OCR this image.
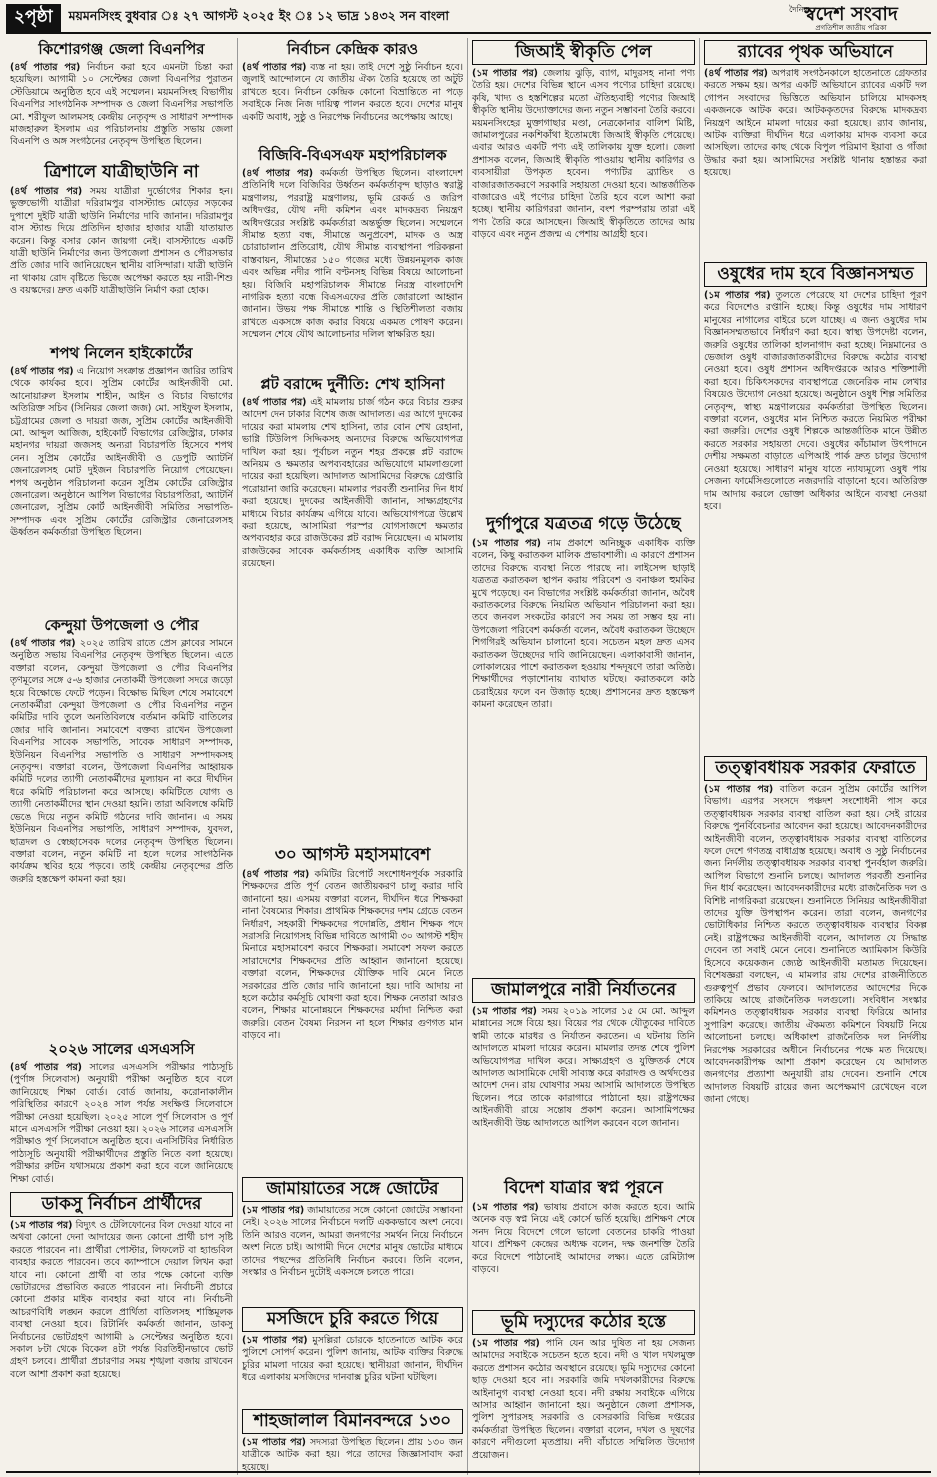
২পৃষ্ঠা	ময়মনসিংহ বুধবার ঃ ২৭ আগস্ট ২০২৫ ইং ঃ ১২ ভাদ্র ১৪৩২ সন বাংলা	দৈনিক
স্বদেশ সংবাদ
প্রগতিশীল জাতীয় পত্রিকা
কিশোরগঞ্জ জেলা বিএনপির

(৪র্থ পাতার পর) নির্বাচন করা হবে এমনটা চিন্তা করা হয়েছিল। আগামী ১০ সেপ্টেম্বর জেলা বিএনপির পুরাতন স্টেডিয়ামে অনুষ্ঠিত হবে এই সম্মেলন। ময়মনসিংহ বিভাগীয় বিএনপির সাংগঠনিক সম্পাদক ও জেলা বিএনপির সভাপতি মো. শরীফুল আলমসহ কেন্দ্রীয় নেতৃবৃন্দ ও সাধারণ সম্পাদক মাজহারুল ইসলাম এর পরিচালনায় প্রস্তুতি সভায় জেলা বিএনপি ও অঙ্গ সংগঠনের নেতৃবৃন্দ উপস্থিত ছিলেন।

ত্রিশালে যাত্রীছাউনি না

(৪র্থ পাতার পর) সময় যাত্রীরা দুর্ভোগের শিকার হন। ভুক্তভোগী যাত্রীরা দরিরামপুর বাসস্ট্যান্ড মোড়ের সড়কের দুপাশে দুইটি যাত্রী ছাউনি নির্মাণের দাবি জানান। দরিরামপুর বাস স্ট্যান্ড দিয়ে প্রতিদিন হাজার হাজার যাত্রী যাতায়াত করেন। কিন্তু বসার কোন জায়গা নেই। বাসস্ট্যান্ডে একটি যাত্রী ছাউনি নির্মাণের জন্য উপজেলা প্রশাসন ও পৌরসভার প্রতি জোর দাবি জানিয়েছেন স্থানীয় বাসিন্দারা। যাত্রী ছাউনি না থাকায় রোদ বৃষ্টিতে ভিজে অপেক্ষা করতে হয় নারী-শিশু ও বয়স্কদের। দ্রুত একটি যাত্রীছাউনি নির্মাণ করা হোক।

শপথ নিলেন হাইকোর্টের

(৪র্থ পাতার পর) এ নিয়োগ সংক্রান্ত প্রজ্ঞাপন জারির তারিখ থেকে কার্যকর হবে। সুপ্রিম কোর্টের আইনজীবী মো. আনোয়ারুল ইসলাম শাহীন, আইন ও বিচার বিভাগের অতিরিক্ত সচিব (সিনিয়র জেলা জজ) মো. সাইফুল ইসলাম, চট্টগ্রামের জেলা ও দায়রা জজ, সুপ্রিম কোর্টের আইনজীবী মো. আব্দুল আজিজ, হাইকোর্ট বিভাগের রেজিস্ট্রার, ঢাকার মহানগর দায়রা জজসহ অন্যরা বিচারপতি হিসেবে শপথ নেন। সুপ্রিম কোর্টের আইনজীবী ও ডেপুটি অ্যাটর্নি জেনারেলসহ মোট দুইজন বিচারপতি নিয়োগ পেয়েছেন। শপথ অনুষ্ঠান পরিচালনা করেন সুপ্রিম কোর্টের রেজিস্ট্রার জেনারেল। অনুষ্ঠানে আপিল বিভাগের বিচারপতিরা, অ্যাটর্নি জেনারেল, সুপ্রিম কোর্ট আইনজীবী সমিতির সভাপতি-সম্পাদক এবং সুপ্রিম কোর্টের রেজিস্ট্রার জেনারেলসহ ঊর্ধ্বতন কর্মকর্তারা উপস্থিত ছিলেন।

কেন্দুয়া উপজেলা ও পৌর

(৪র্থ পাতার পর) ২০২৫ তারিখ রাতে প্রেস ক্লাবের সামনে অনুষ্ঠিত সভায় বিএনপির নেতৃবৃন্দ উপস্থিত ছিলেন। এতে বক্তারা বলেন, কেন্দুয়া উপজেলা ও পৌর বিএনপির তৃণমূলের সঙ্গে ৫-৬ হাজার নেতাকর্মী উপজেলা সদরে জড়ো হয়ে বিক্ষোভে ফেটে পড়েন। বিক্ষোভ মিছিল শেষে সমাবেশে নেতাকর্মীরা কেন্দুয়া উপজেলা ও পৌর বিএনপির নতুন কমিটির দাবি তুলে অনতিবিলম্বে বর্তমান কমিটি বাতিলের জোর দাবি জানান। সমাবেশে বক্তব্য রাখেন উপজেলা বিএনপির সাবেক সভাপতি, সাবেক সাধারণ সম্পাদক, ইউনিয়ন বিএনপির সভাপতি ও সাধারণ সম্পাদকসহ নেতৃবৃন্দ। বক্তারা বলেন, উপজেলা বিএনপির আহ্বায়ক কমিটি দলের ত্যাগী নেতাকর্মীদের মূল্যায়ন না করে দীর্ঘদিন ধরে কমিটি পরিচালনা করে আসছে। কমিটিতে যোগ্য ও ত্যাগী নেতাকর্মীদের স্থান দেওয়া হয়নি। তারা অবিলম্বে কমিটি ভেঙে দিয়ে নতুন কমিটি গঠনের দাবি জানান। এ সময় ইউনিয়ন বিএনপির সভাপতি, সাধারণ সম্পাদক, যুবদল, ছাত্রদল ও স্বেচ্ছাসেবক দলের নেতৃবৃন্দ উপস্থিত ছিলেন। বক্তারা বলেন, নতুন কমিটি না হলে দলের সাংগঠনিক কার্যক্রম স্থবির হয়ে পড়বে। তাই কেন্দ্রীয় নেতৃবৃন্দের প্রতি জরুরি হস্তক্ষেপ কামনা করা হয়।

২০২৬ সালের এসএসসি

(৪র্থ পাতার পর) সালের এসএসসি পরীক্ষার পাঠ্যসূচি (পুর্ণাঙ্গ সিলেবাস) অনুযায়ী পরীক্ষা অনুষ্ঠিত হবে বলে জানিয়েছে শিক্ষা বোর্ড। বোর্ড জানায়, করোনাকালীন পরিস্থিতির কারণে ২০২৪ সাল পর্যন্ত সংক্ষিপ্ত সিলেবাসে পরীক্ষা নেওয়া হয়েছিল। ২০২৫ সালে পূর্ণ সিলেবাস ও পূর্ণ মানে এসএসসি পরীক্ষা নেওয়া হয়। ২০২৬ সালের এসএসসি পরীক্ষাও পূর্ণ সিলেবাসে অনুষ্ঠিত হবে। এনসিটিবির নির্ধারিত পাঠ্যসূচি অনুযায়ী পরীক্ষার্থীদের প্রস্তুতি নিতে বলা হয়েছে। পরীক্ষার রুটিন যথাসময়ে প্রকাশ করা হবে বলে জানিয়েছে শিক্ষা বোর্ড।

ডাকসু নির্বাচন প্রার্থীদের

(১ম পাতার পর) বিদ্যুৎ ও টেলিফোনের বিল দেওয়া যাবে না অথবা কোনো দেনা আদায়ের জন্য কোনো প্রার্থী চাপ সৃষ্টি করতে পারবেন না। প্রার্থীরা পোস্টার, লিফলেট বা হ্যান্ডবিল ব্যবহার করতে পারবেন। তবে ক্যাম্পাসে দেয়াল লিখন করা যাবে না। কোনো প্রার্থী বা তার পক্ষে কোনো ব্যক্তি ভোটারদের প্রভাবিত করতে পারবেন না। নির্বাচনী প্রচারে কোনো প্রকার মাইক ব্যবহার করা যাবে না। নির্বাচনী আচরণবিধি লঙ্ঘন করলে প্রার্থিতা বাতিলসহ শাস্তিমূলক ব্যবস্থা নেওয়া হবে। রিটার্নিং কর্মকর্তা জানান, ডাকসু নির্বাচনের ভোটগ্রহণ আগামী ৯ সেপ্টেম্বর অনুষ্ঠিত হবে। সকাল ৮টা থেকে বিকেল ৪টা পর্যন্ত বিরতিহীনভাবে ভোট গ্রহণ চলবে। প্রার্থীরা প্রচারণার সময় শৃঙ্খলা বজায় রাখবেন বলে আশা প্রকাশ করা হয়েছে।

নির্বাচন কেন্দ্রিক কারও

(৪র্থ পাতার পর) ব্যস্ত না হয়। তাই দেশে সুষ্ঠু নির্বাচন হবে। জুলাই আন্দোলনে যে জাতীয় ঐক্য তৈরি হয়েছে তা অটুট রাখতে হবে। নির্বাচন কেন্দ্রিক কোনো বিভ্রান্তিতে না পড়ে সবাইকে নিজ নিজ দায়িত্ব পালন করতে হবে। দেশের মানুষ একটি অবাধ, সুষ্ঠু ও নিরপেক্ষ নির্বাচনের অপেক্ষায় আছে।

বিজিবি-বিএসএফ মহাপরিচালক

(৪র্থ পাতার পর) কর্মকর্তা উপস্থিত ছিলেন। বাংলাদেশ প্রতিনিধি দলে বিজিবির উর্ধ্বতন কর্মকর্তাবৃন্দ ছাড়াও স্বরাষ্ট্র মন্ত্রণালয়, পররাষ্ট্র মন্ত্রণালয়, ভূমি রেকর্ড ও জরিপ অধিদপ্তর, যৌথ নদী কমিশন এবং মাদকদ্রব্য নিয়ন্ত্রণ অধিদপ্তরের সংশ্লিষ্ট কর্মকর্তারা অন্তর্ভুক্ত ছিলেন। সম্মেলনে সীমান্ত হত্যা বন্ধ, সীমান্তে অনুপ্রবেশ, মাদক ও অস্ত্র চোরাচালান প্রতিরোধ, যৌথ সীমান্ত ব্যবস্থাপনা পরিকল্পনা বাস্তবায়ন, সীমান্তের ১৫০ গজের মধ্যে উন্নয়নমূলক কাজ এবং অভিন্ন নদীর পানি বণ্টনসহ বিভিন্ন বিষয়ে আলোচনা হয়। বিজিবি মহাপরিচালক সীমান্তে নিরস্ত্র বাংলাদেশি নাগরিক হত্যা বন্ধে বিএসএফের প্রতি জোরালো আহ্বান জানান। উভয় পক্ষ সীমান্তে শান্তি ও স্থিতিশীলতা বজায় রাখতে একসঙ্গে কাজ করার বিষয়ে একমত পোষণ করেন। সম্মেলন শেষে যৌথ আলোচনার দলিল স্বাক্ষরিত হয়।

প্লট বরাদ্দে দুর্নীতি: শেখ হাসিনা

(৪র্থ পাতার পর) এই মামলায় চার্জ গঠন করে বিচার শুরুর আদেশ দেন ঢাকার বিশেষ জজ আদালত। এর আগে দুদকের দায়ের করা মামলায় শেখ হাসিনা, তার বোন শেখ রেহানা, ভাগ্নি টিউলিপ সিদ্দিকসহ অন্যদের বিরুদ্ধে অভিযোগপত্র দাখিল করা হয়। পূর্বাচল নতুন শহর প্রকল্পে প্লট বরাদ্দে অনিয়ম ও ক্ষমতার অপব্যবহারের অভিযোগে মামলাগুলো দায়ের করা হয়েছিল। আদালত আসামিদের বিরুদ্ধে গ্রেপ্তারি পরোয়ানা জারি করেছেন। মামলার পরবর্তী শুনানির দিন ধার্য করা হয়েছে। দুদকের আইনজীবী জানান, সাক্ষ্যগ্রহণের মাধ্যমে বিচার কার্যক্রম এগিয়ে যাবে। অভিযোগপত্রে উল্লেখ করা হয়েছে, আসামিরা পরস্পর যোগসাজশে ক্ষমতার অপব্যবহার করে রাজউকের প্লট বরাদ্দ নিয়েছেন। এ মামলায় রাজউকের সাবেক কর্মকর্তাসহ একাধিক ব্যক্তি আসামি রয়েছেন।

৩০ আগস্ট মহাসমাবেশ

(৪র্থ পাতার পর) কমিটির রিপোর্ট সংশোধনপূর্বক সরকারি শিক্ষকদের প্রতি পূর্ণ বেতন জাতীয়করণ চালু করার দাবি জানানো হয়। এসময় বক্তারা বলেন, দীর্ঘদিন ধরে শিক্ষকরা নানা বৈষম্যের শিকার। প্রাথমিক শিক্ষকদের দশম গ্রেডে বেতন নির্ধারণ, সহকারী শিক্ষকদের পদোন্নতি, প্রধান শিক্ষক পদে সরাসরি নিয়োগসহ বিভিন্ন দাবিতে আগামী ৩০ আগস্ট শহীদ মিনারে মহাসমাবেশ করবে শিক্ষকরা। সমাবেশ সফল করতে সারাদেশের শিক্ষকদের প্রতি আহ্বান জানানো হয়েছে। বক্তারা বলেন, শিক্ষকদের যৌক্তিক দাবি মেনে নিতে সরকারের প্রতি জোর দাবি জানানো হয়। দাবি আদায় না হলে কঠোর কর্মসূচি ঘোষণা করা হবে। শিক্ষক নেতারা আরও বলেন, শিক্ষার মানোন্নয়নে শিক্ষকদের মর্যাদা নিশ্চিত করা জরুরি। বেতন বৈষম্য নিরসন না হলে শিক্ষার গুণগত মান বাড়বে না।

জামায়াতের সঙ্গে জোটের

(১ম পাতার পর) জামায়াতের সঙ্গে কোনো জোটের সম্ভাবনা নেই। ২০২৬ সালের নির্বাচনে দলটি এককভাবে অংশ নেবে। তিনি আরও বলেন, আমরা জনগণের সমর্থন নিয়ে নির্বাচনে অংশ নিতে চাই। আগামী দিনে দেশের মানুষ ভোটের মাধ্যমে তাদের পছন্দের প্রতিনিধি নির্বাচন করবে। তিনি বলেন, সংস্কার ও নির্বাচন দুটোই একসঙ্গে চলতে পারে।

মসজিদে চুরি করতে গিয়ে

(১ম পাতার পর) মুসল্লিরা চোরকে হাতেনাতে আটক করে পুলিশে সোপর্দ করেন। পুলিশ জানায়, আটক ব্যক্তির বিরুদ্ধে চুরির মামলা দায়ের করা হয়েছে। স্থানীয়রা জানান, দীর্ঘদিন ধরে এলাকায় মসজিদের দানবাক্স চুরির ঘটনা ঘটছিল।

শাহজালাল বিমানবন্দরে ১৩০

(১ম পাতার পর) সদস্যরা উপস্থিত ছিলেন। প্রায় ১৩০ জন যাত্রীকে আটক করা হয়। পরে তাদের জিজ্ঞাসাবাদ করা হয়েছে।

জিআই স্বীকৃতি পেল

(১ম পাতার পর) জেলায় ঝুড়ি, ব্যাগ, মাদুরসহ নানা পণ্য তৈরি হয়। দেশের বিভিন্ন স্থানে এসব পণ্যের চাহিদা রয়েছে। কৃষি, খাদ্য ও হস্তশিল্পের মতো ঐতিহ্যবাহী পণ্যের জিআই স্বীকৃতি স্থানীয় উদ্যোক্তাদের জন্য নতুন সম্ভাবনা তৈরি করবে। ময়মনসিংহের মুক্তাগাছার মণ্ডা, নেত্রকোনার বালিশ মিষ্টি, জামালপুরের নকশিকাঁথা ইতোমধ্যে জিআই স্বীকৃতি পেয়েছে। এবার আরও একটি পণ্য এই তালিকায় যুক্ত হলো। জেলা প্রশাসক বলেন, জিআই স্বীকৃতি পাওয়ায় স্থানীয় কারিগর ও ব্যবসায়ীরা উপকৃত হবেন। পণ্যটির ব্র্যান্ডিং ও বাজারজাতকরণে সরকারি সহায়তা দেওয়া হবে। আন্তর্জাতিক বাজারেও এই পণ্যের চাহিদা তৈরি হবে বলে আশা করা হচ্ছে। স্থানীয় কারিগররা জানান, বংশ পরম্পরায় তারা এই পণ্য তৈরি করে আসছেন। জিআই স্বীকৃতিতে তাদের আয় বাড়বে এবং নতুন প্রজন্ম এ পেশায় আগ্রহী হবে।

দুর্গাপুরে যত্রতত্র গড়ে উঠেছে

(১ম পাতার পর) নাম প্রকাশে অনিচ্ছুক একাধিক ব্যক্তি বলেন, কিছু করাতকল মালিক প্রভাবশালী। এ কারণে প্রশাসন তাদের বিরুদ্ধে ব্যবস্থা নিতে পারছে না। লাইসেন্স ছাড়াই যত্রতত্র করাতকল স্থাপন করায় পরিবেশ ও বনাঞ্চল হুমকির মুখে পড়েছে। বন বিভাগের সংশ্লিষ্ট কর্মকর্তারা জানান, অবৈধ করাতকলের বিরুদ্ধে নিয়মিত অভিযান পরিচালনা করা হয়। তবে জনবল সংকটের কারণে সব সময় তা সম্ভব হয় না। উপজেলা পরিবেশ কর্মকর্তা বলেন, অবৈধ করাতকল উচ্ছেদে শিগগিরই অভিযান চালানো হবে। সচেতন মহল দ্রুত এসব করাতকল উচ্ছেদের দাবি জানিয়েছেন। এলাকাবাসী জানান, লোকালয়ের পাশে করাতকল হওয়ায় শব্দদূষণে তারা অতিষ্ঠ। শিক্ষার্থীদের পড়াশোনায় ব্যাঘাত ঘটছে। করাতকলে কাঠ চেরাইয়ের ফলে বন উজাড় হচ্ছে। প্রশাসনের দ্রুত হস্তক্ষেপ কামনা করেছেন তারা।

জামালপুরে নারী নির্যাতনের

(১ম পাতার পর) সময় ২০১৯ সালের ১৫ মে মো. আব্দুল মান্নানের সঙ্গে বিয়ে হয়। বিয়ের পর থেকে যৌতুকের দাবিতে স্বামী তাকে মারধর ও নির্যাতন করতেন। এ ঘটনায় তিনি আদালতে মামলা দায়ের করেন। মামলার তদন্ত শেষে পুলিশ অভিযোগপত্র দাখিল করে। সাক্ষ্যগ্রহণ ও যুক্তিতর্ক শেষে আদালত আসামিকে দোষী সাব্যস্ত করে কারাদণ্ড ও অর্থদণ্ডের আদেশ দেন। রায় ঘোষণার সময় আসামি আদালতে উপস্থিত ছিলেন। পরে তাকে কারাগারে পাঠানো হয়। রাষ্ট্রপক্ষের আইনজীবী রায়ে সন্তোষ প্রকাশ করেন। আসামিপক্ষের আইনজীবী উচ্চ আদালতে আপিল করবেন বলে জানান।

বিদেশ যাত্রার স্বপ্ন পূরনে

(১ম পাতার পর) ভাষায় প্রবাসে কাজ করতে হবে। আমি অনেক বড় স্বপ্ন নিয়ে এই কোর্সে ভর্তি হয়েছি। প্রশিক্ষণ শেষে সনদ নিয়ে বিদেশে গেলে ভালো বেতনের চাকরি পাওয়া যাবে। প্রশিক্ষণ কেন্দ্রের অধ্যক্ষ বলেন, দক্ষ জনশক্তি তৈরি করে বিদেশে পাঠানোই আমাদের লক্ষ্য। এতে রেমিট্যান্স বাড়বে।

ভূমি দস্যুদের কঠোর হস্তে

(১ম পাতার পর) পানি যেন আর দুষিত না হয় সেজন্য আমাদের সবাইকে সচেতন হতে হবে। নদী ও খাল দখলমুক্ত করতে প্রশাসন কঠোর অবস্থানে রয়েছে। ভূমি দস্যুদের কোনো ছাড় দেওয়া হবে না। সরকারি জমি দখলকারীদের বিরুদ্ধে আইনানুগ ব্যবস্থা নেওয়া হবে। নদী রক্ষায় সবাইকে এগিয়ে আসার আহ্বান জানানো হয়। অনুষ্ঠানে জেলা প্রশাসক, পুলিশ সুপারসহ সরকারি ও বেসরকারি বিভিন্ন দপ্তরের কর্মকর্তারা উপস্থিত ছিলেন। বক্তারা বলেন, দখল ও দূষণের কারণে নদীগুলো মৃতপ্রায়। নদী বাঁচাতে সম্মিলিত উদ্যোগ প্রয়োজন।

র‍্যাবের পৃথক অভিযানে

(৪র্থ পাতার পর) অপরাধ সংগঠনকালে হাতেনাতে গ্রেফতার করতে সক্ষম হয়। অপর একটি অভিযানে র‍্যাবের একটি দল গোপন সংবাদের ভিত্তিতে অভিযান চালিয়ে মাদকসহ একজনকে আটক করে। আটককৃতদের বিরুদ্ধে মাদকদ্রব্য নিয়ন্ত্রণ আইনে মামলা দায়ের করা হয়েছে। র‍্যাব জানায়, আটক ব্যক্তিরা দীর্ঘদিন ধরে এলাকায় মাদক ব্যবসা করে আসছিল। তাদের কাছ থেকে বিপুল পরিমাণ ইয়াবা ও গাঁজা উদ্ধার করা হয়। আসামিদের সংশ্লিষ্ট থানায় হস্তান্তর করা হয়েছে।

ওষুধের দাম হবে বিজ্ঞানসম্মত

(১ম পাতার পর) তুলতে পেরেছে যা দেশের চাহিদা পূরণ করে বিদেশেও রপ্তানি হচ্ছে। কিন্তু ওষুধের দাম সাধারণ মানুষের নাগালের বাইরে চলে যাচ্ছে। এ জন্য ওষুধের দাম বিজ্ঞানসম্মতভাবে নির্ধারণ করা হবে। স্বাস্থ্য উপদেষ্টা বলেন, জরুরি ওষুধের তালিকা হালনাগাদ করা হচ্ছে। নিম্নমানের ও ভেজাল ওষুধ বাজারজাতকারীদের বিরুদ্ধে কঠোর ব্যবস্থা নেওয়া হবে। ওষুধ প্রশাসন অধিদপ্তরকে আরও শক্তিশালী করা হবে। চিকিৎসকদের ব্যবস্থাপত্রে জেনেরিক নাম লেখার বিষয়েও উদ্যোগ নেওয়া হয়েছে। অনুষ্ঠানে ওষুধ শিল্প সমিতির নেতৃবৃন্দ, স্বাস্থ্য মন্ত্রণালয়ের কর্মকর্তারা উপস্থিত ছিলেন। বক্তারা বলেন, ওষুধের মান নিশ্চিত করতে নিয়মিত পরীক্ষা করা জরুরি। দেশের ওষুধ শিল্পকে আন্তর্জাতিক মানে উন্নীত করতে সরকার সহায়তা দেবে। ওষুধের কাঁচামাল উৎপাদনে দেশীয় সক্ষমতা বাড়াতে এপিআই পার্ক দ্রুত চালুর উদ্যোগ নেওয়া হয়েছে। সাধারণ মানুষ যাতে ন্যায্যমূল্যে ওষুধ পায় সেজন্য ফার্মেসিগুলোতে নজরদারি বাড়ানো হবে। অতিরিক্ত দাম আদায় করলে ভোক্তা অধিকার আইনে ব্যবস্থা নেওয়া হবে।

তত্ত্বাবধায়ক সরকার ফেরাতে

(১ম পাতার পর) বাতিল করেন সুপ্রিম কোর্টের আপিল বিভাগ। এরপর সংসদে পঞ্চদশ সংশোধনী পাস করে তত্ত্বাবধায়ক সরকার ব্যবস্থা বাতিল করা হয়। সেই রায়ের বিরুদ্ধে পুনর্বিবেচনার আবেদন করা হয়েছে। আবেদনকারীদের আইনজীবী বলেন, তত্ত্বাবধায়ক সরকার ব্যবস্থা বাতিলের ফলে দেশে গণতন্ত্র বাধাগ্রস্ত হয়েছে। অবাধ ও সুষ্ঠু নির্বাচনের জন্য নির্দলীয় তত্ত্বাবধায়ক সরকার ব্যবস্থা পুনর্বহাল জরুরি। আপিল বিভাগে শুনানি চলছে। আদালত পরবর্তী শুনানির দিন ধার্য করেছেন। আবেদনকারীদের মধ্যে রাজনৈতিক দল ও বিশিষ্ট নাগরিকরা রয়েছেন। শুনানিতে সিনিয়র আইনজীবীরা তাদের যুক্তি উপস্থাপন করেন। তারা বলেন, জনগণের ভোটাধিকার নিশ্চিত করতে তত্ত্বাবধায়ক ব্যবস্থার বিকল্প নেই। রাষ্ট্রপক্ষের আইনজীবী বলেন, আদালত যে সিদ্ধান্ত দেবেন তা সবাই মেনে নেবে। শুনানিতে অ্যামিকাস কিউরি হিসেবে কয়েকজন জ্যেষ্ঠ আইনজীবী মতামত দিয়েছেন। বিশেষজ্ঞরা বলছেন, এ মামলার রায় দেশের রাজনীতিতে গুরুত্বপূর্ণ প্রভাব ফেলবে। আদালতের আদেশের দিকে তাকিয়ে আছে রাজনৈতিক দলগুলো। সংবিধান সংস্কার কমিশনও তত্ত্বাবধায়ক সরকার ব্যবস্থা ফিরিয়ে আনার সুপারিশ করেছে। জাতীয় ঐকমত্য কমিশনে বিষয়টি নিয়ে আলোচনা চলছে। অধিকাংশ রাজনৈতিক দল নির্দলীয় নিরপেক্ষ সরকারের অধীনে নির্বাচনের পক্ষে মত দিয়েছে। আবেদনকারীপক্ষ আশা প্রকাশ করেছেন যে আদালত জনগণের প্রত্যাশা অনুযায়ী রায় দেবেন। শুনানি শেষে আদালত বিষয়টি রায়ের জন্য অপেক্ষমাণ রেখেছেন বলে জানা গেছে।
